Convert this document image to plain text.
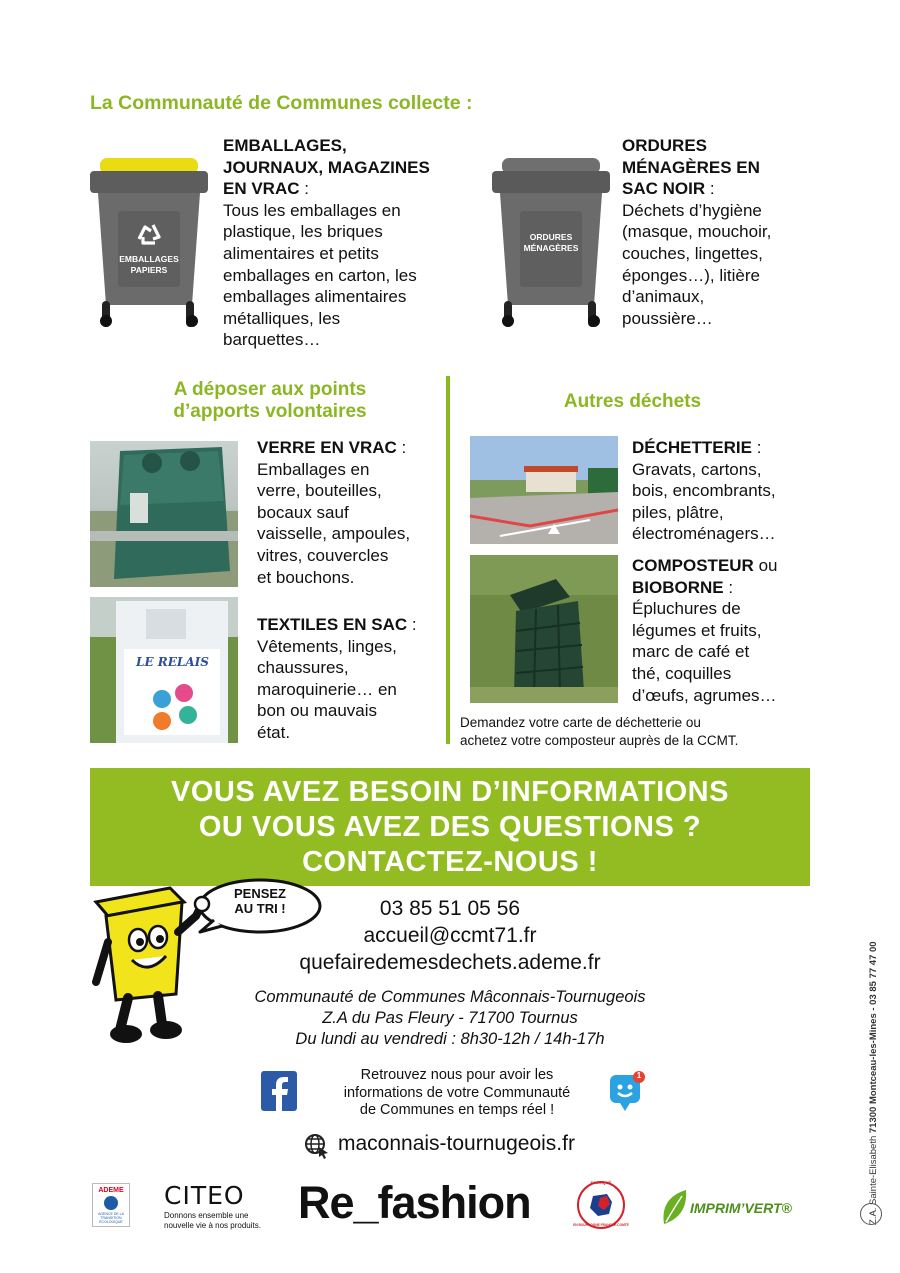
La Communauté de Communes collecte :
EMBALLAGES
PAPIERS
EMBALLAGES,
JOURNAUX, MAGAZINES
EN VRAC :
Tous les emballages en
plastique, les briques
alimentaires et petits
emballages en carton, les
emballages alimentaires
métalliques, les
barquettes…
ORDURES
MÉNAGÈRES
ORDURES
MÉNAGÈRES EN
SAC NOIR :
Déchets d’hygiène
(masque, mouchoir,
couches, lingettes,
éponges…), litière
d’animaux,
poussière…
A déposer aux points
d’apports volontaires
VERRE EN VRAC :
Emballages en
verre, bouteilles,
bocaux sauf
vaisselle, ampoules,
vitres, couvercles
et bouchons.
LE RELAIS
TEXTILES EN SAC :
Vêtements, linges,
chaussures,
maroquinerie… en
bon ou mauvais
état.
Autres déchets
DÉCHETTERIE :
Gravats, cartons,
bois, encombrants,
piles, plâtre,
électroménagers…
COMPOSTEUR ou
BIOBORNE :
Épluchures de
légumes et fruits,
marc de café et
thé, coquilles
d’œufs, agrumes…
Demandez votre carte de déchetterie ou
achetez votre composteur auprès de la CCMT.
VOUS AVEZ BESOIN D’INFORMATIONS
OU VOUS AVEZ DES QUESTIONS ?
CONTACTEZ-NOUS !
PENSEZ
AU TRI !	03 85 51 05 56
accueil@ccmt71.fr
quefairedemesdechets.ademe.fr
Communauté de Communes Mâconnais-Tournugeois
Z.A du Pas Fleury - 71700 Tournus
Du lundi au vendredi : 8h30-12h / 14h-17h
Retrouvez nous pour avoir les
informations de votre Communauté
de Communes en temps réel !
1
maconnais-tournugeois.fr
ADEME
AGENCE DE LA TRANSITION ÉCOLOGIQUE
CITEO
Donnons ensemble une
nouvelle vie à nos produits. Re_fashion	FABRIQUÉ
EN BOURGOGNE FRANCHE-COMTÉ
IMPRIM’VERT®	Z.A. Sainte-Elisabeth 71300 Montceau-les-Mines - 03 85 77 47 00
